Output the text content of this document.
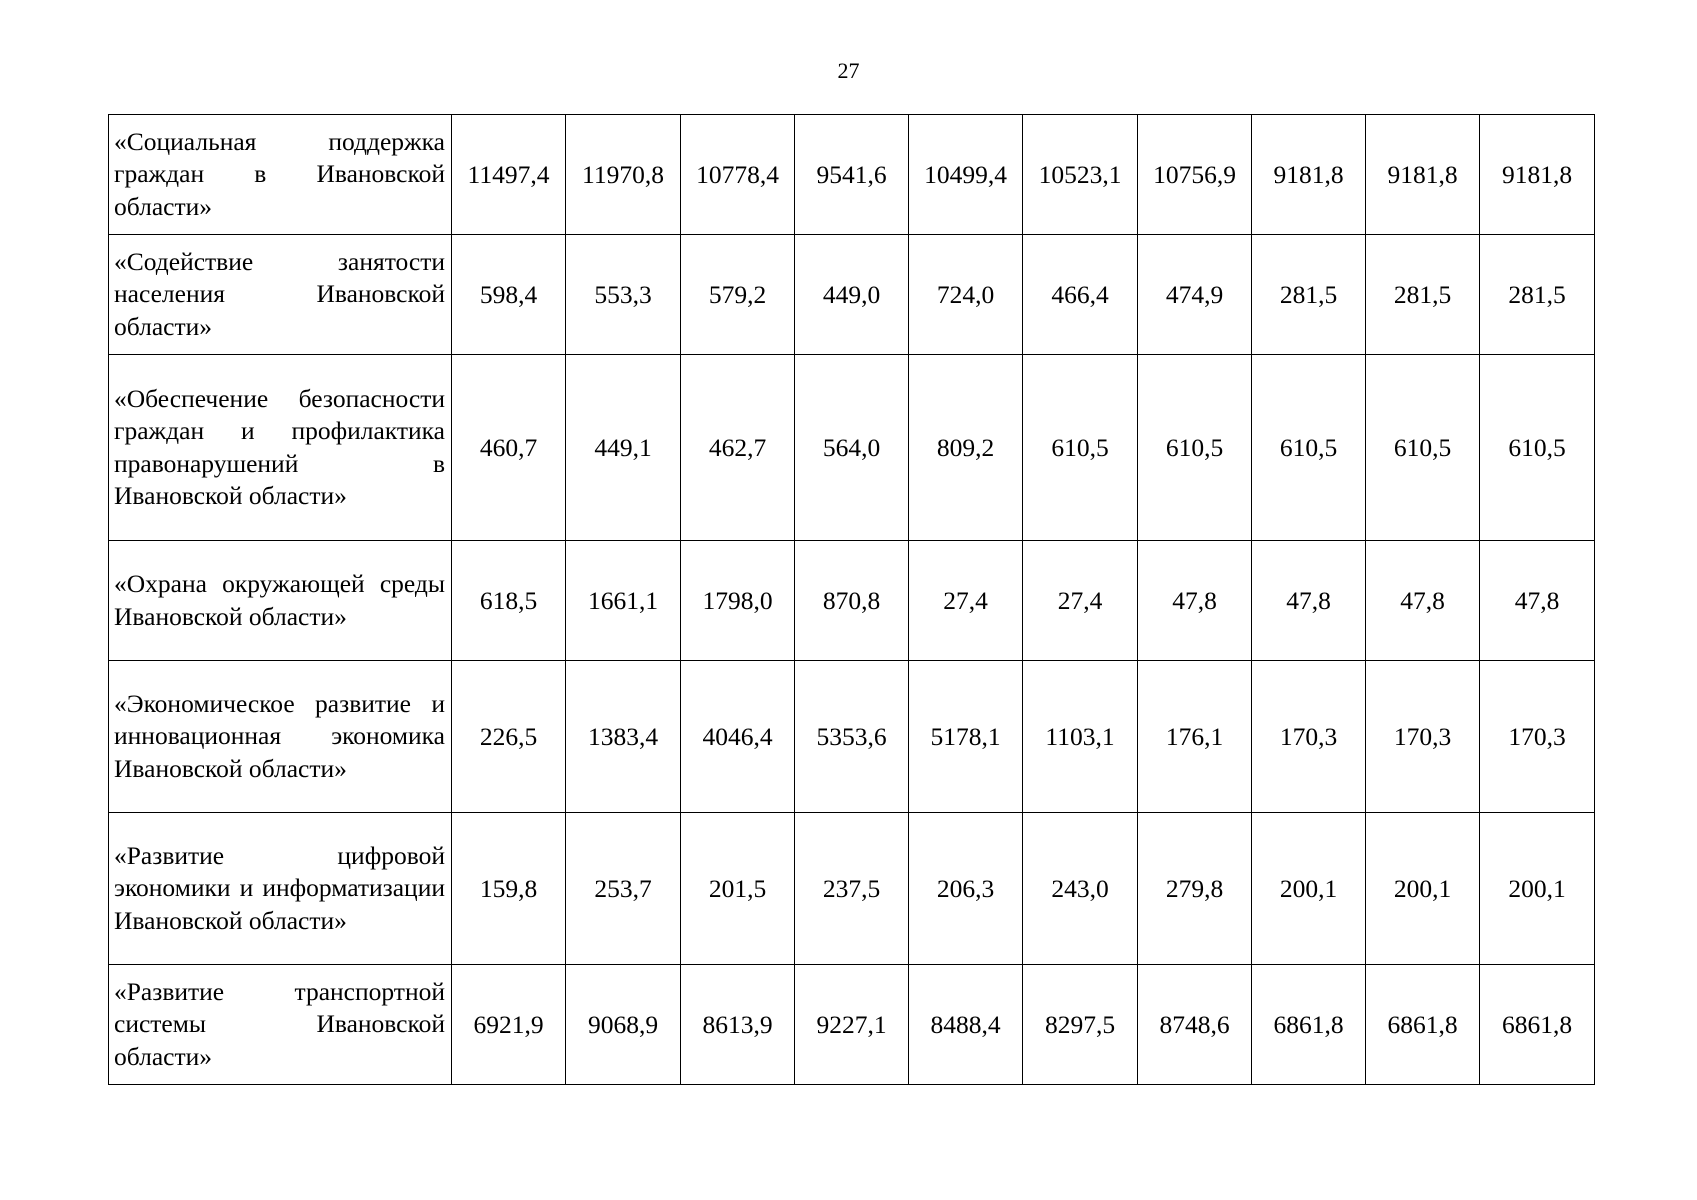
27
«Социальная поддержка граждан в Ивановской области»	11497,4	11970,8	10778,4	9541,6	10499,4	10523,1	10756,9	9181,8	9181,8	9181,8
«Содействие занятости населения Ивановской области»	598,4	553,3	579,2	449,0	724,0	466,4	474,9	281,5	281,5	281,5
«Обеспечение безопасности граждан и профилактика правонарушений в Ивановской области»	460,7	449,1	462,7	564,0	809,2	610,5	610,5	610,5	610,5	610,5
«Охрана окружающей среды Ивановской области»	618,5	1661,1	1798,0	870,8	27,4	27,4	47,8	47,8	47,8	47,8
«Экономическое развитие и инновационная экономика Ивановской области»	226,5	1383,4	4046,4	5353,6	5178,1	1103,1	176,1	170,3	170,3	170,3
«Развитие цифровой экономики и информатизации Ивановской области»	159,8	253,7	201,5	237,5	206,3	243,0	279,8	200,1	200,1	200,1
«Развитие транспортной системы Ивановской области»	6921,9	9068,9	8613,9	9227,1	8488,4	8297,5	8748,6	6861,8	6861,8	6861,8
